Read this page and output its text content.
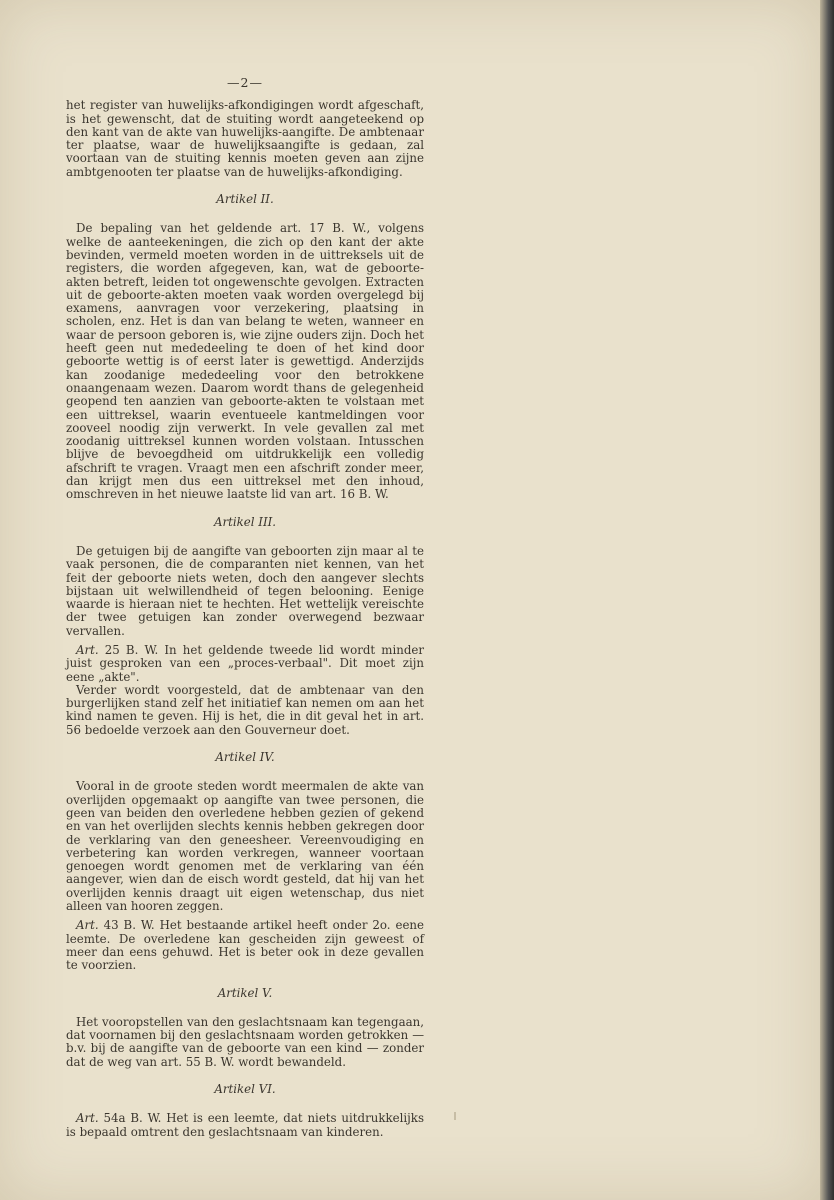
—2—

het register van huwelijks-afkondigingen wordt afgeschaft, is het gewenscht, dat de stuiting wordt aangeteekend op den kant van de akte van huwelijks-aangifte. De ambtenaar ter plaatse, waar de huwelijksaangifte is gedaan, zal voortaan van de stuiting kennis moeten geven aan zijne ambtgenooten ter plaatse van de huwelijks-afkondiging.

Artikel II.

De bepaling van het geldende art. 17 B. W., volgens welke de aanteekeningen, die zich op den kant der akte bevinden, vermeld moeten worden in de uittreksels uit de registers, die worden afgegeven, kan, wat de geboorte-akten betreft, leiden tot ongewenschte gevolgen. Extracten uit de geboorte-akten moeten vaak worden overgelegd bij examens, aanvragen voor verzekering, plaatsing in scholen, enz. Het is dan van belang te weten, wanneer en waar de persoon geboren is, wie zijne ouders zijn. Doch het heeft geen nut mededeeling te doen of het kind door geboorte wettig is of eerst later is gewettigd. Anderzijds kan zoodanige mededeeling voor den betrokkene onaangenaam wezen. Daarom wordt thans de gelegenheid geopend ten aanzien van geboorte-akten te volstaan met een uittreksel, waarin eventueele kantmeldingen voor zooveel noodig zijn verwerkt. In vele gevallen zal met zoodanig uittreksel kunnen worden volstaan. Intusschen blijve de bevoegdheid om uitdrukkelijk een volledig afschrift te vragen. Vraagt men een afschrift zonder meer, dan krijgt men dus een uittreksel met den inhoud, omschreven in het nieuwe laatste lid van art. 16 B. W.

Artikel III.

De getuigen bij de aangifte van geboorten zijn maar al te vaak personen, die de comparanten niet kennen, van het feit der geboorte niets weten, doch den aangever slechts bijstaan uit welwillendheid of tegen belooning. Eenige waarde is hieraan niet te hechten. Het wettelijk vereischte der twee getuigen kan zonder overwegend bezwaar vervallen.

Art. 25 B. W. In het geldende tweede lid wordt minder juist gesproken van een „proces-verbaal". Dit moet zijn eene „akte".

Verder wordt voorgesteld, dat de ambtenaar van den burgerlijken stand zelf het initiatief kan nemen om aan het kind namen te geven. Hij is het, die in dit geval het in art. 56 bedoelde verzoek aan den Gouverneur doet.

Artikel IV.

Vooral in de groote steden wordt meermalen de akte van overlijden opgemaakt op aangifte van twee personen, die geen van beiden den overledene hebben gezien of gekend en van het overlijden slechts kennis hebben gekregen door de verklaring van den geneesheer. Vereenvoudiging en verbetering kan worden verkregen, wanneer voortaan genoegen wordt genomen met de verklaring van één aangever, wien dan de eisch wordt gesteld, dat hij van het overlijden kennis draagt uit eigen wetenschap, dus niet alleen van hooren zeggen.

Art. 43 B. W. Het bestaande artikel heeft onder 2o. eene leemte. De overledene kan gescheiden zijn geweest of meer dan eens gehuwd. Het is beter ook in deze gevallen te voorzien.

Artikel V.

Het vooropstellen van den geslachtsnaam kan tegengaan, dat voornamen bij den geslachtsnaam worden getrokken — b.v. bij de aangifte van de geboorte van een kind — zonder dat de weg van art. 55 B. W. wordt bewandeld.

Artikel VI.

Art. 54a B. W. Het is een leemte, dat niets uitdrukkelijks is bepaald omtrent den geslachtsnaam van kinderen.
